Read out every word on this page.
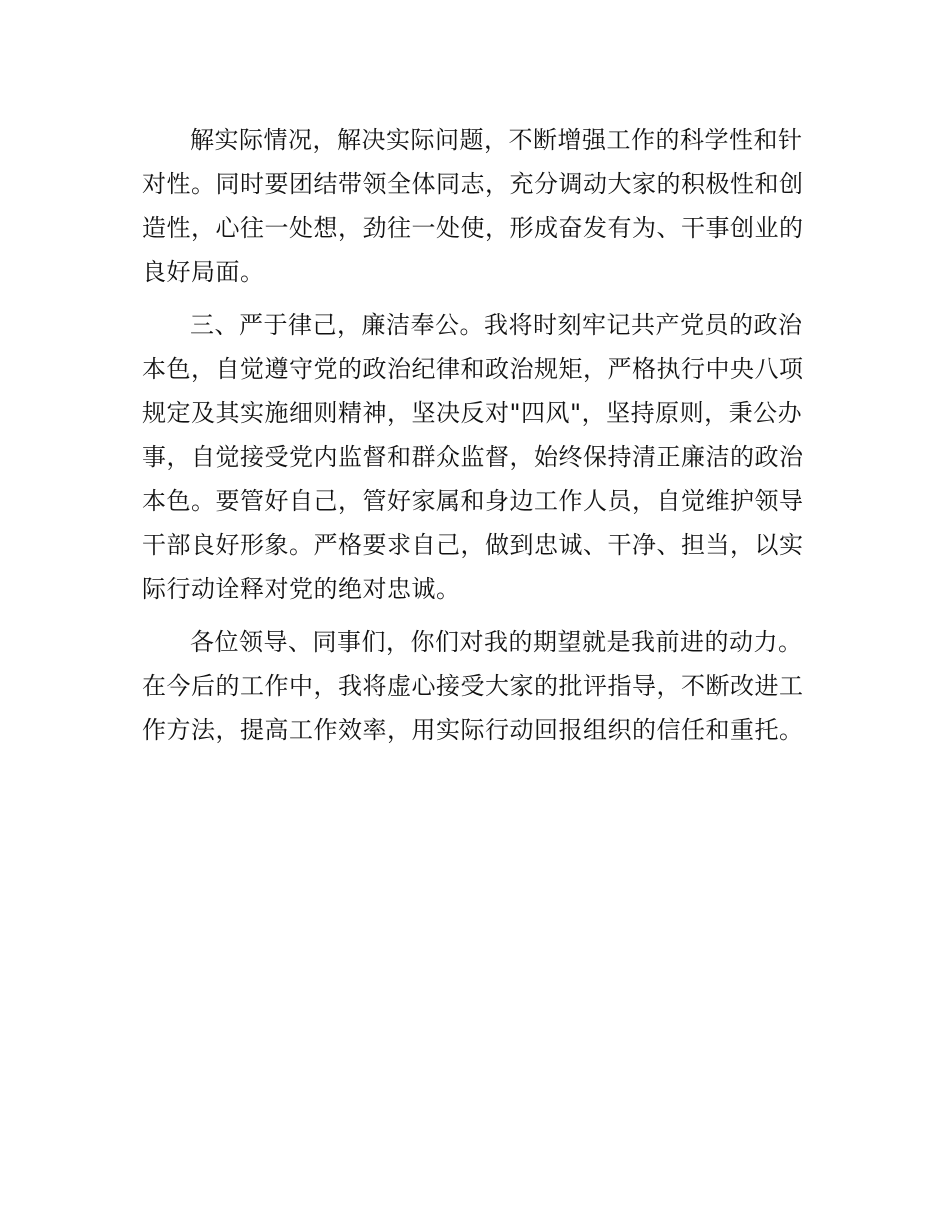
解实际情况，解决实际问题，不断增强工作的科学性和针
对性。同时要团结带领全体同志，充分调动大家的积极性和创
造性，心往一处想，劲往一处使，形成奋发有为、干事创业的
良好局面。
三、严于律己，廉洁奉公。我将时刻牢记共产党员的政治
本色，自觉遵守党的政治纪律和政治规矩，严格执行中央八项
规定及其实施细则精神，坚决反对"四风"，坚持原则，秉公办
事，自觉接受党内监督和群众监督，始终保持清正廉洁的政治
本色。要管好自己，管好家属和身边工作人员，自觉维护领导
干部良好形象。严格要求自己，做到忠诚、干净、担当，以实
际行动诠释对党的绝对忠诚。
各位领导、同事们，你们对我的期望就是我前进的动力。
在今后的工作中，我将虚心接受大家的批评指导，不断改进工
作方法，提高工作效率，用实际行动回报组织的信任和重托。
